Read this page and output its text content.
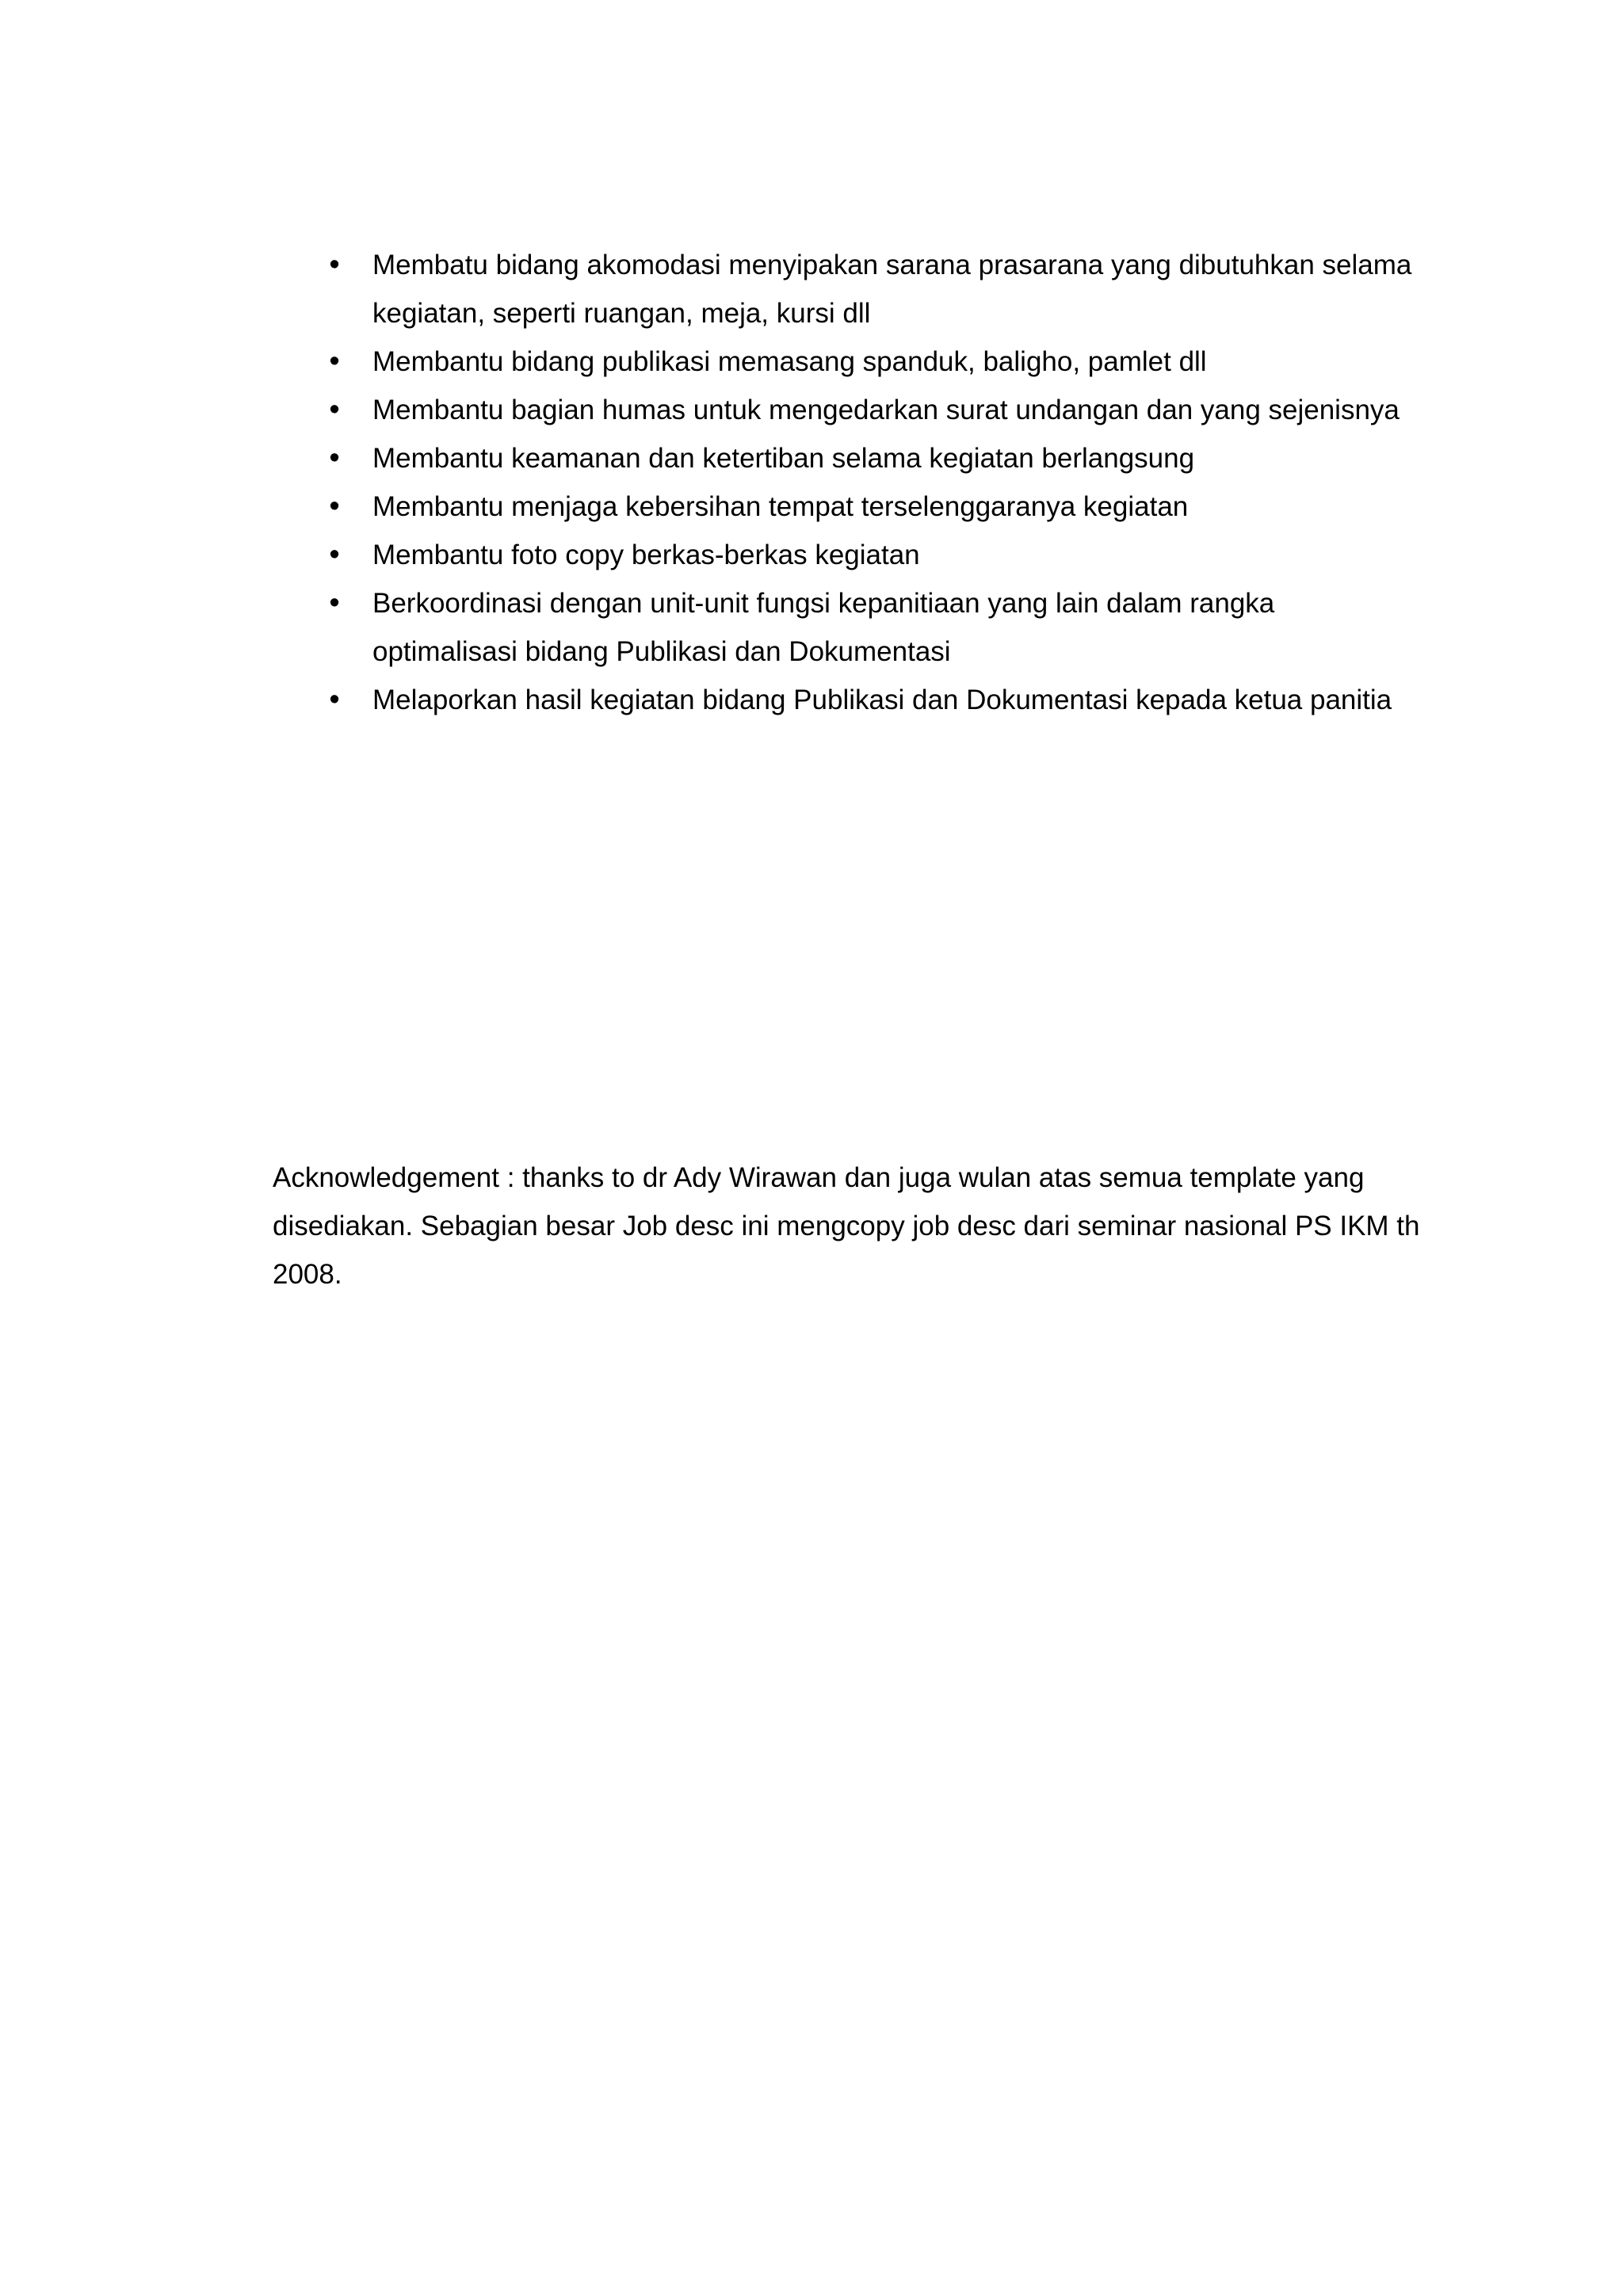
• Membatu bidang akomodasi menyipakan sarana prasarana yang dibutuhkan selama kegiatan, seperti ruangan, meja, kursi dll
• Membantu bidang publikasi memasang spanduk, baligho, pamlet dll
• Membantu bagian humas untuk mengedarkan surat undangan dan yang sejenisnya
• Membantu keamanan dan ketertiban selama kegiatan berlangsung
• Membantu menjaga kebersihan tempat terselenggaranya kegiatan
• Membantu foto copy berkas-berkas kegiatan
• Berkoordinasi dengan unit-unit fungsi kepanitiaan yang lain dalam rangka optimalisasi bidang Publikasi dan Dokumentasi
• Melaporkan hasil kegiatan bidang Publikasi dan Dokumentasi kepada ketua panitia

Acknowledgement : thanks to dr Ady Wirawan dan juga wulan atas semua template yang disediakan. Sebagian besar Job desc ini mengcopy job desc dari seminar nasional PS IKM th 2008.
